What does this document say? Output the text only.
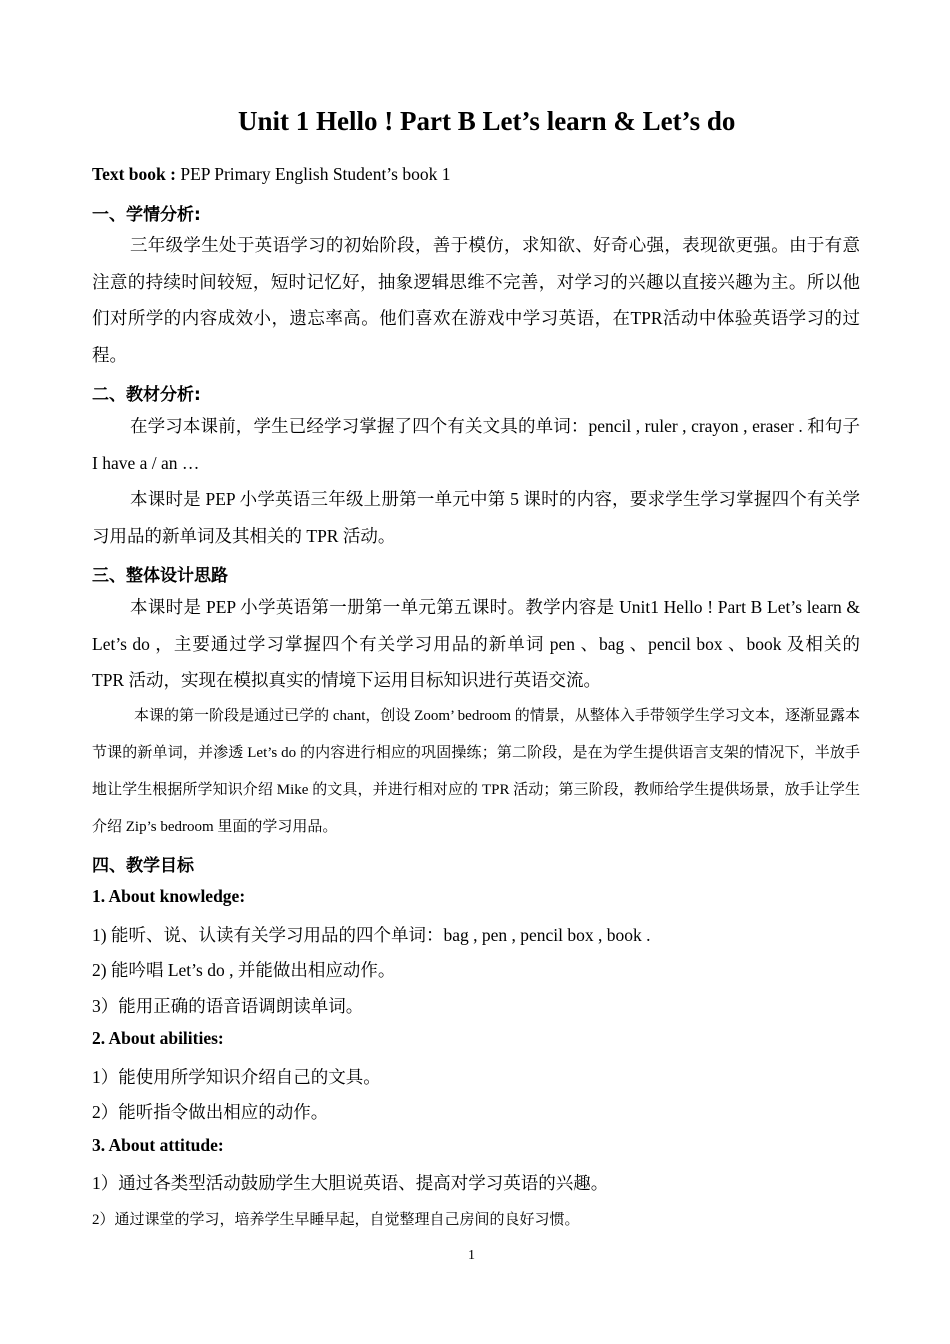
Unit 1 Hello ! Part B Let’s learn & Let’s do

Text book : PEP Primary English Student’s book 1

一、学情分析:

三年级学生处于英语学习的初始阶段，善于模仿，求知欲、好奇心强，表现欲更强。由于有意注意的持续时间较短，短时记忆好，抽象逻辑思维不完善，对学习的兴趣以直接兴趣为主。所以他们对所学的内容成效小，遗忘率高。他们喜欢在游戏中学习英语，在TPR活动中体验英语学习的过程。

二、教材分析:

在学习本课前，学生已经学习掌握了四个有关文具的单词：pencil , ruler , crayon , eraser . 和句子 I have a / an …

本课时是 PEP 小学英语三年级上册第一单元中第 5 课时的内容，要求学生学习掌握四个有关学习用品的新单词及其相关的 TPR 活动。

三、整体设计思路

本课时是 PEP 小学英语第一册第一单元第五课时。教学内容是 Unit1 Hello ! Part B Let’s learn & Let’s do ，主要通过学习掌握四个有关学习用品的新单词 pen 、bag 、pencil box 、book 及相关的 TPR 活动，实现在模拟真实的情境下运用目标知识进行英语交流。

本课的第一阶段是通过已学的 chant，创设 Zoom’ bedroom 的情景，从整体入手带领学生学习文本，逐渐显露本节课的新单词，并渗透 Let’s do 的内容进行相应的巩固操练；第二阶段，是在为学生提供语言支架的情况下，半放手地让学生根据所学知识介绍 Mike 的文具，并进行相对应的 TPR 活动；第三阶段，教师给学生提供场景，放手让学生介绍 Zip’s bedroom 里面的学习用品。

四、教学目标

1. About knowledge:

1) 能听、说、认读有关学习用品的四个单词：bag , pen , pencil box , book .

2) 能吟唱 Let’s do , 并能做出相应动作。

3）能用正确的语音语调朗读单词。

2. About abilities:

1）能使用所学知识介绍自己的文具。

2）能听指令做出相应的动作。

3. About attitude:

1）通过各类型活动鼓励学生大胆说英语、提高对学习英语的兴趣。

2）通过课堂的学习，培养学生早睡早起，自觉整理自己房间的良好习惯。

1
